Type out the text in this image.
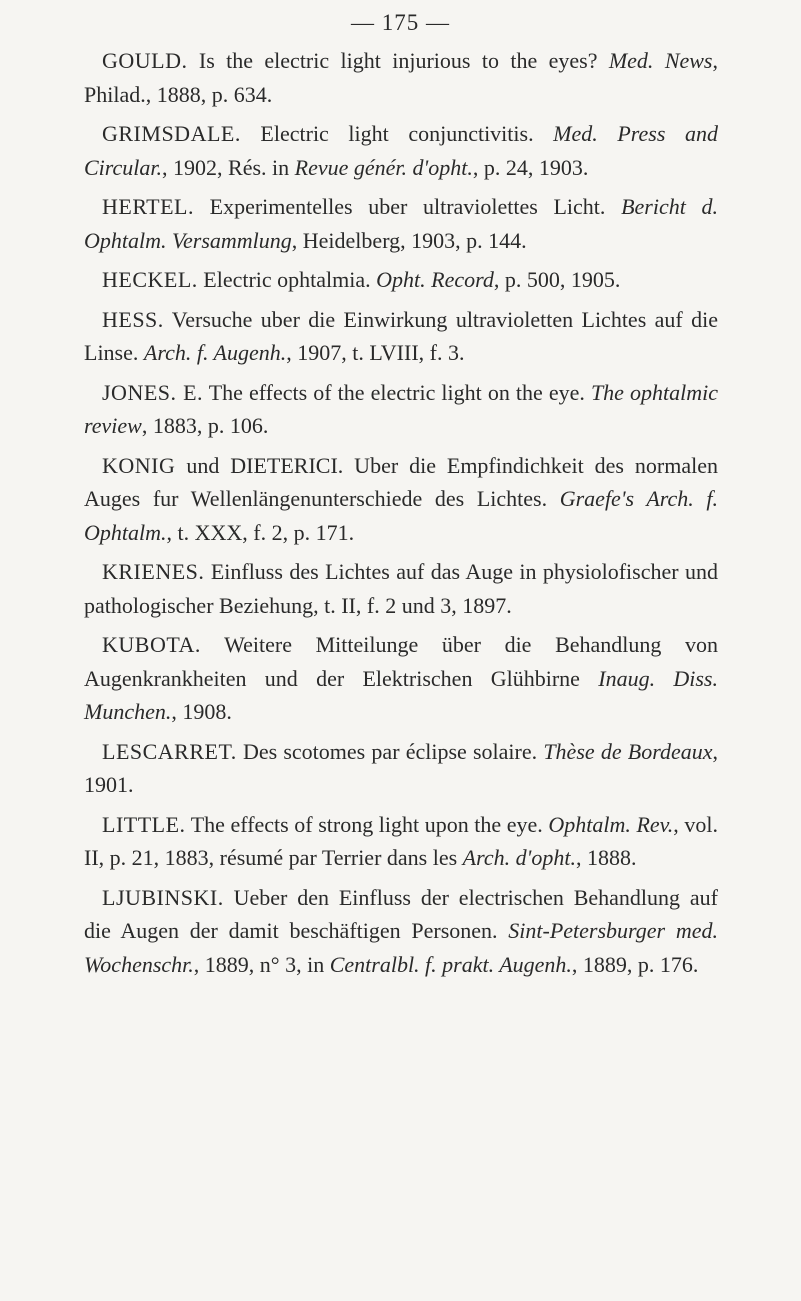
— 175 —

GOULD. Is the electric light injurious to the eyes? Med. News, Philad., 1888, p. 634.

GRIMSDALE. Electric light conjunctivitis. Med. Press and Circular., 1902, Rés. in Revue génér. d'opht., p. 24, 1903.

HERTEL. Experimentelles uber ultraviolettes Licht. Bericht d. Ophtalm. Versammlung, Heidelberg, 1903, p. 144.

HECKEL. Electric ophtalmia. Opht. Record, p. 500, 1905.

HESS. Versuche uber die Einwirkung ultravioletten Lichtes auf die Linse. Arch. f. Augenh., 1907, t. LVIII, f. 3.

JONES. E. The effects of the electric light on the eye. The ophtalmic review, 1883, p. 106.

KONIG und DIETERICI. Uber die Empfindichkeit des normalen Auges fur Wellenlängenunterschiede des Lichtes. Graefe's Arch. f. Ophtalm., t. XXX, f. 2, p. 171.

KRIENES. Einfluss des Lichtes auf das Auge in physiolofischer und pathologischer Beziehung, t. II, f. 2 und 3, 1897.

KUBOTA. Weitere Mitteilunge über die Behandlung von Augenkrankheiten und der Elektrischen Glühbirne Inaug. Diss. Munchen., 1908.

LESCARRET. Des scotomes par éclipse solaire. Thèse de Bordeaux, 1901.

LITTLE. The effects of strong light upon the eye. Ophtalm. Rev., vol. II, p. 21, 1883, résumé par Terrier dans les Arch. d'opht., 1888.

LJUBINSKI. Ueber den Einfluss der electrischen Behandlung auf die Augen der damit beschäftigen Personen. Sint-Petersburger med. Wochenschr., 1889, n° 3, in Centralbl. f. prakt. Augenh., 1889, p. 176.
